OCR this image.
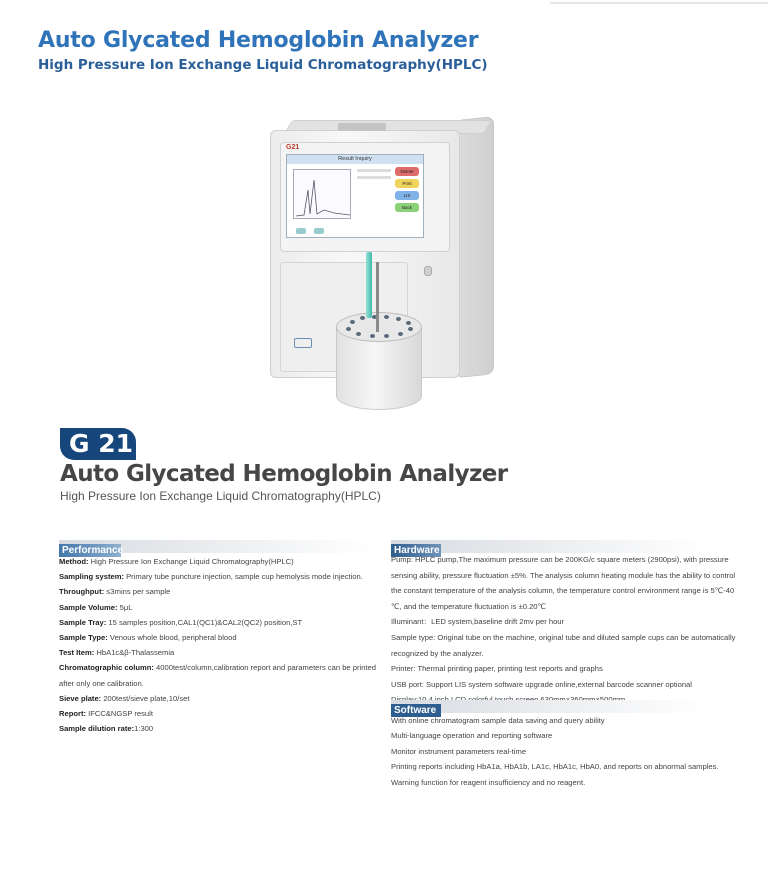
Auto Glycated Hemoglobin Analyzer
High Pressure Ion Exchange Liquid Chromatography(HPLC)
G21
Result Inquiry
Delete
Print
LIS
Back
G 21
Auto Glycated Hemoglobin Analyzer
High Pressure Ion Exchange Liquid Chromatography(HPLC)
Performance
Method: High Pressure Ion Exchange Liquid Chromatography(HPLC)
Sampling system: Primary tube puncture injection, sample cup hemolysis mode injection.
Throughput: ≤3mins per sample
Sample Volume: 5μL
Sample Tray: 15 samples position,CAL1(QC1)&CAL2(QC2) position,ST
Sample Type: Venous whole blood, peripheral blood
Test Item: HbA1c&β-Thalassemia
Chromatographic column: 4000test/column,calibration report and parameters can be printed
after only one calibration.
Sieve plate: 200test/sieve plate,10/set
Report: IFCC&NGSP result
Sample dilution rate:1:300
Hardware
Pump: HPLC pump,The maximum pressure can be 200KG/c square meters (2900psi), with pressure
sensing ability, pressure fluctuation ±5%. The analysis column heating module has the ability to control
the constant temperature of the analysis column, the temperature control environment range is 5℃-40
℃, and the temperature fluctuation is ±0.20℃
Illuminant：LED system,baseline drift 2mv per hour
Sample type: Original tube on the machine, original tube and diluted sample cups can be automatically
recognized by the analyzer.
Printer: Thermal printing paper, printing test reports and graphs
USB port: Support LIS system software upgrade online,external barcode scanner optional
Software
With online chromatogram sample data saving and query ability
Multi-language operation and reporting software
Monitor instrument parameters real-time
Printing reports including HbA1a, HbA1b, LA1c, HbA1c, HbA0, and reports on abnormal samples.
Warning function for reagent insufficiency and no reagent.
